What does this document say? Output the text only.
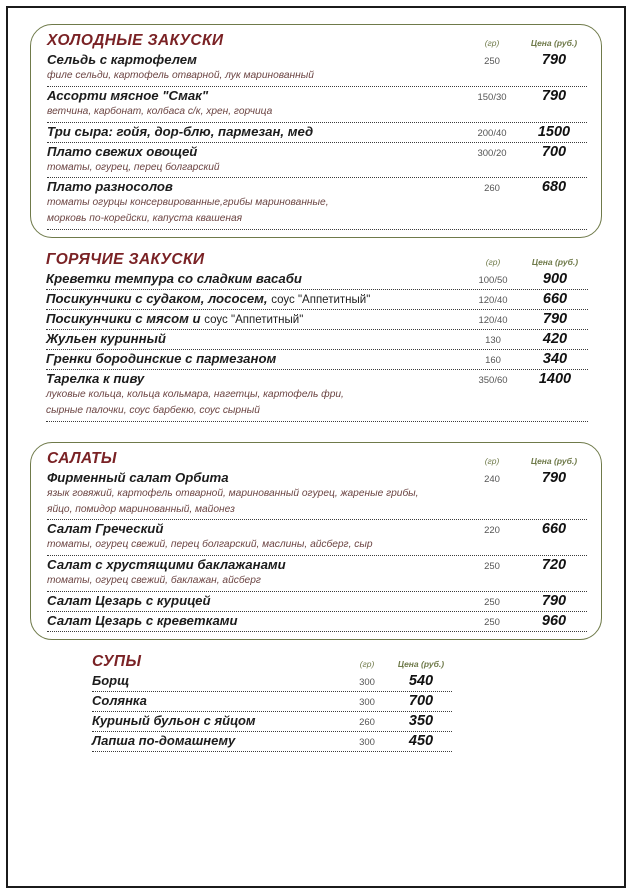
ХОЛОДНЫЕ ЗАКУСКИ	(гр)	Цена (руб.)
Сельдь с картофелем	250	790
филе сельди, картофель отварной, лук маринованный
Ассорти мясное "Смак"	150/30	790
ветчина, карбонат, колбаса с/к, хрен, горчица
Три сыра: гойя, дор-блю, пармезан, мед	200/40	1500
Плато свежих овощей	300/20	700
томаты, огурец, перец болгарский
Плато разносолов	260	680
томаты огурцы консервированные,грибы маринованные,
морковь по-корейски, капуста квашеная
ГОРЯЧИЕ ЗАКУСКИ	(гр)	Цена (руб.)
Креветки темпура со сладким васаби	100/50	900
Посикунчики с судаком, лососем, соус "Аппетитный"	120/40	660
Посикунчики с мясом и соус "Аппетитный"	120/40	790
Жульен куринный	130	420
Гренки бородинские с пармезаном	160	340
Тарелка к пиву	350/60	1400
луковые кольца, кольца кольмара, нагетцы, картофель фри,
сырные палочки, соус барбекю, соус сырный
САЛАТЫ	(гр)	Цена (руб.)
Фирменный салат Орбита	240	790
язык говяжий, картофель отварной, маринованный огурец, жареные грибы,
яйцо, помидор маринованный, майонез
Салат Греческий	220	660
томаты, огурец свежий, перец болгарский, маслины, айсберг, сыр
Салат с хрустящими баклажанами	250	720
томаты, огурец свежий, баклажан, айсберг
Салат Цезарь с курицей	250	790
Салат Цезарь с креветками	250	960
СУПЫ	(гр)	Цена (руб.)
Борщ	300	540
Солянка	300	700
Куриный бульон с яйцом	260	350
Лапша по-домашнему	300	450
